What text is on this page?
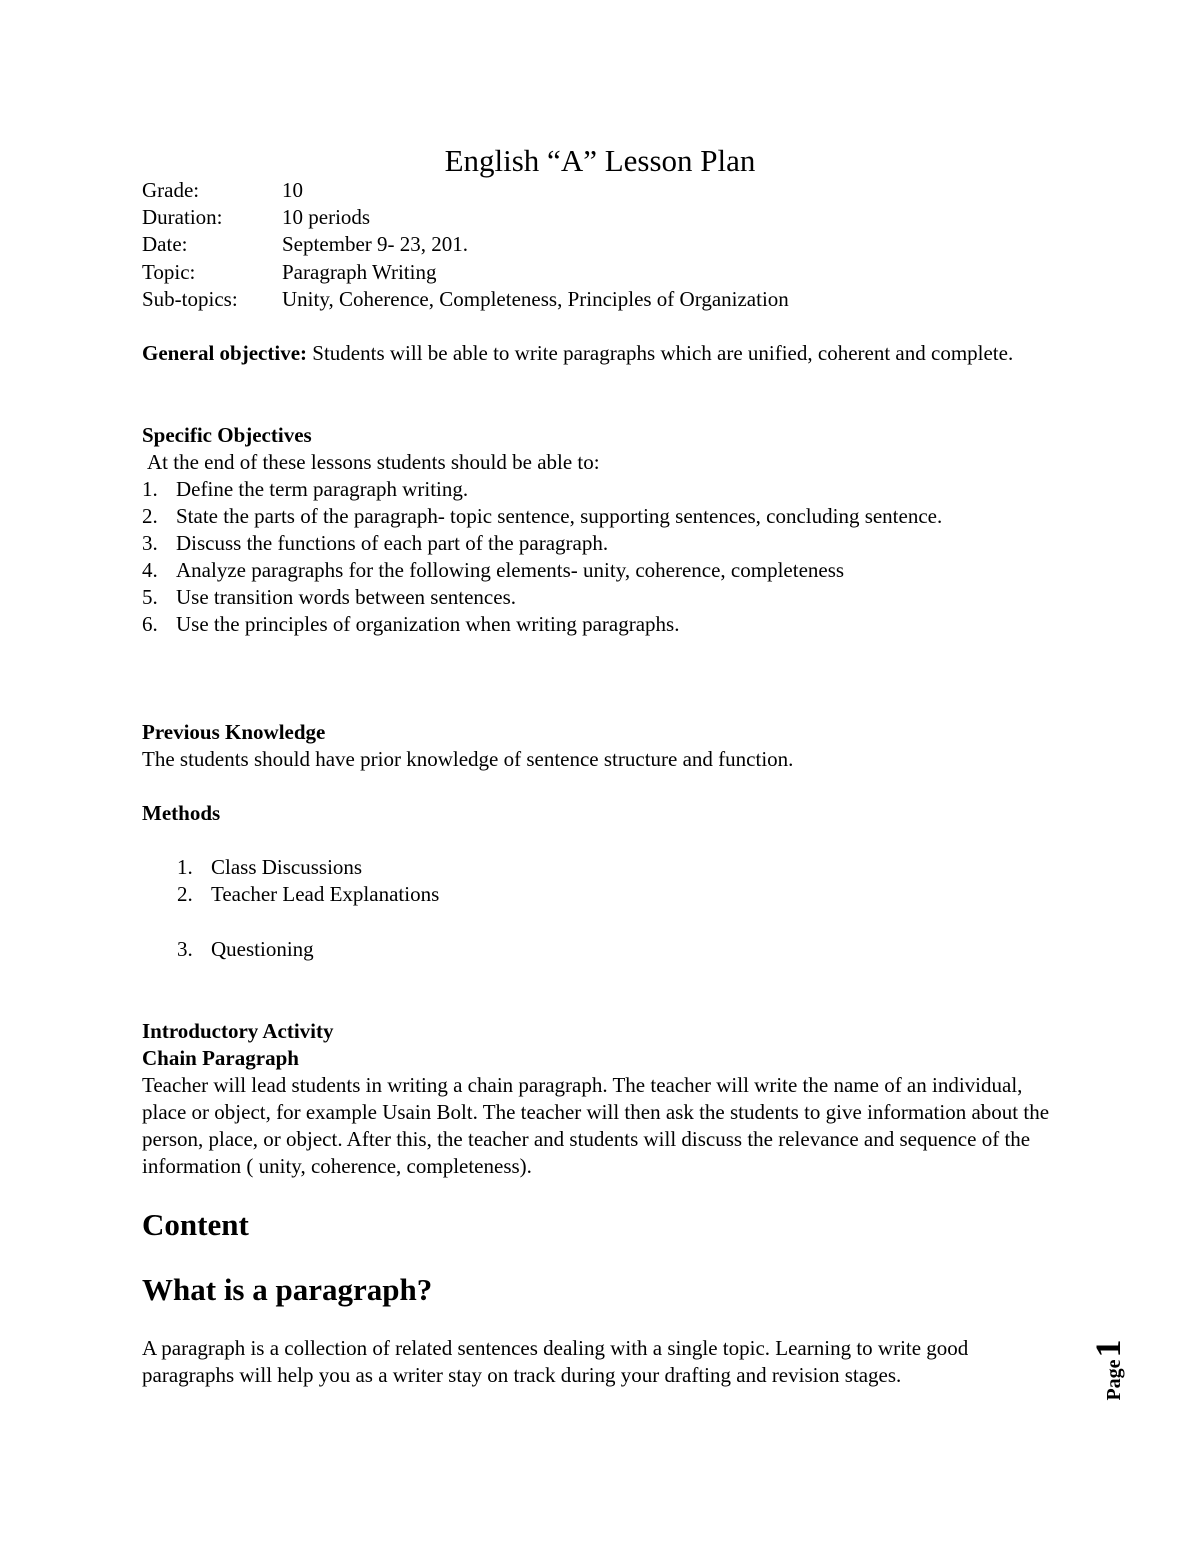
English “A” Lesson Plan
Grade:	10
Duration:	10 periods
Date:	September 9- 23, 201.
Topic:	Paragraph Writing
Sub-topics:	Unity, Coherence, Completeness, Principles of Organization
General objective: Students will be able to write paragraphs which are unified, coherent and complete.
Specific Objectives
At the end of these lessons students should be able to:
1. Define the term paragraph writing.
2. State the parts of the paragraph- topic sentence, supporting sentences, concluding sentence.
3. Discuss the functions of each part of the paragraph.
4. Analyze paragraphs for the following elements- unity, coherence, completeness
5. Use transition words between sentences.
6. Use the principles of organization when writing paragraphs.
Previous Knowledge
The students should have prior knowledge of sentence structure and function.
Methods
1. Class Discussions
2. Teacher Lead Explanations
3. Questioning
Introductory Activity
Chain Paragraph
Teacher will lead students in writing a chain paragraph. The teacher will write the name of an individual, place or object, for example Usain Bolt. The teacher will then ask the students to give information about the person, place, or object. After this, the teacher and students will discuss the relevance and sequence of the information ( unity, coherence, completeness).
Content
What is a paragraph?
A paragraph is a collection of related sentences dealing with a single topic. Learning to write good paragraphs will help you as a writer stay on track during your drafting and revision stages.	Page
1
